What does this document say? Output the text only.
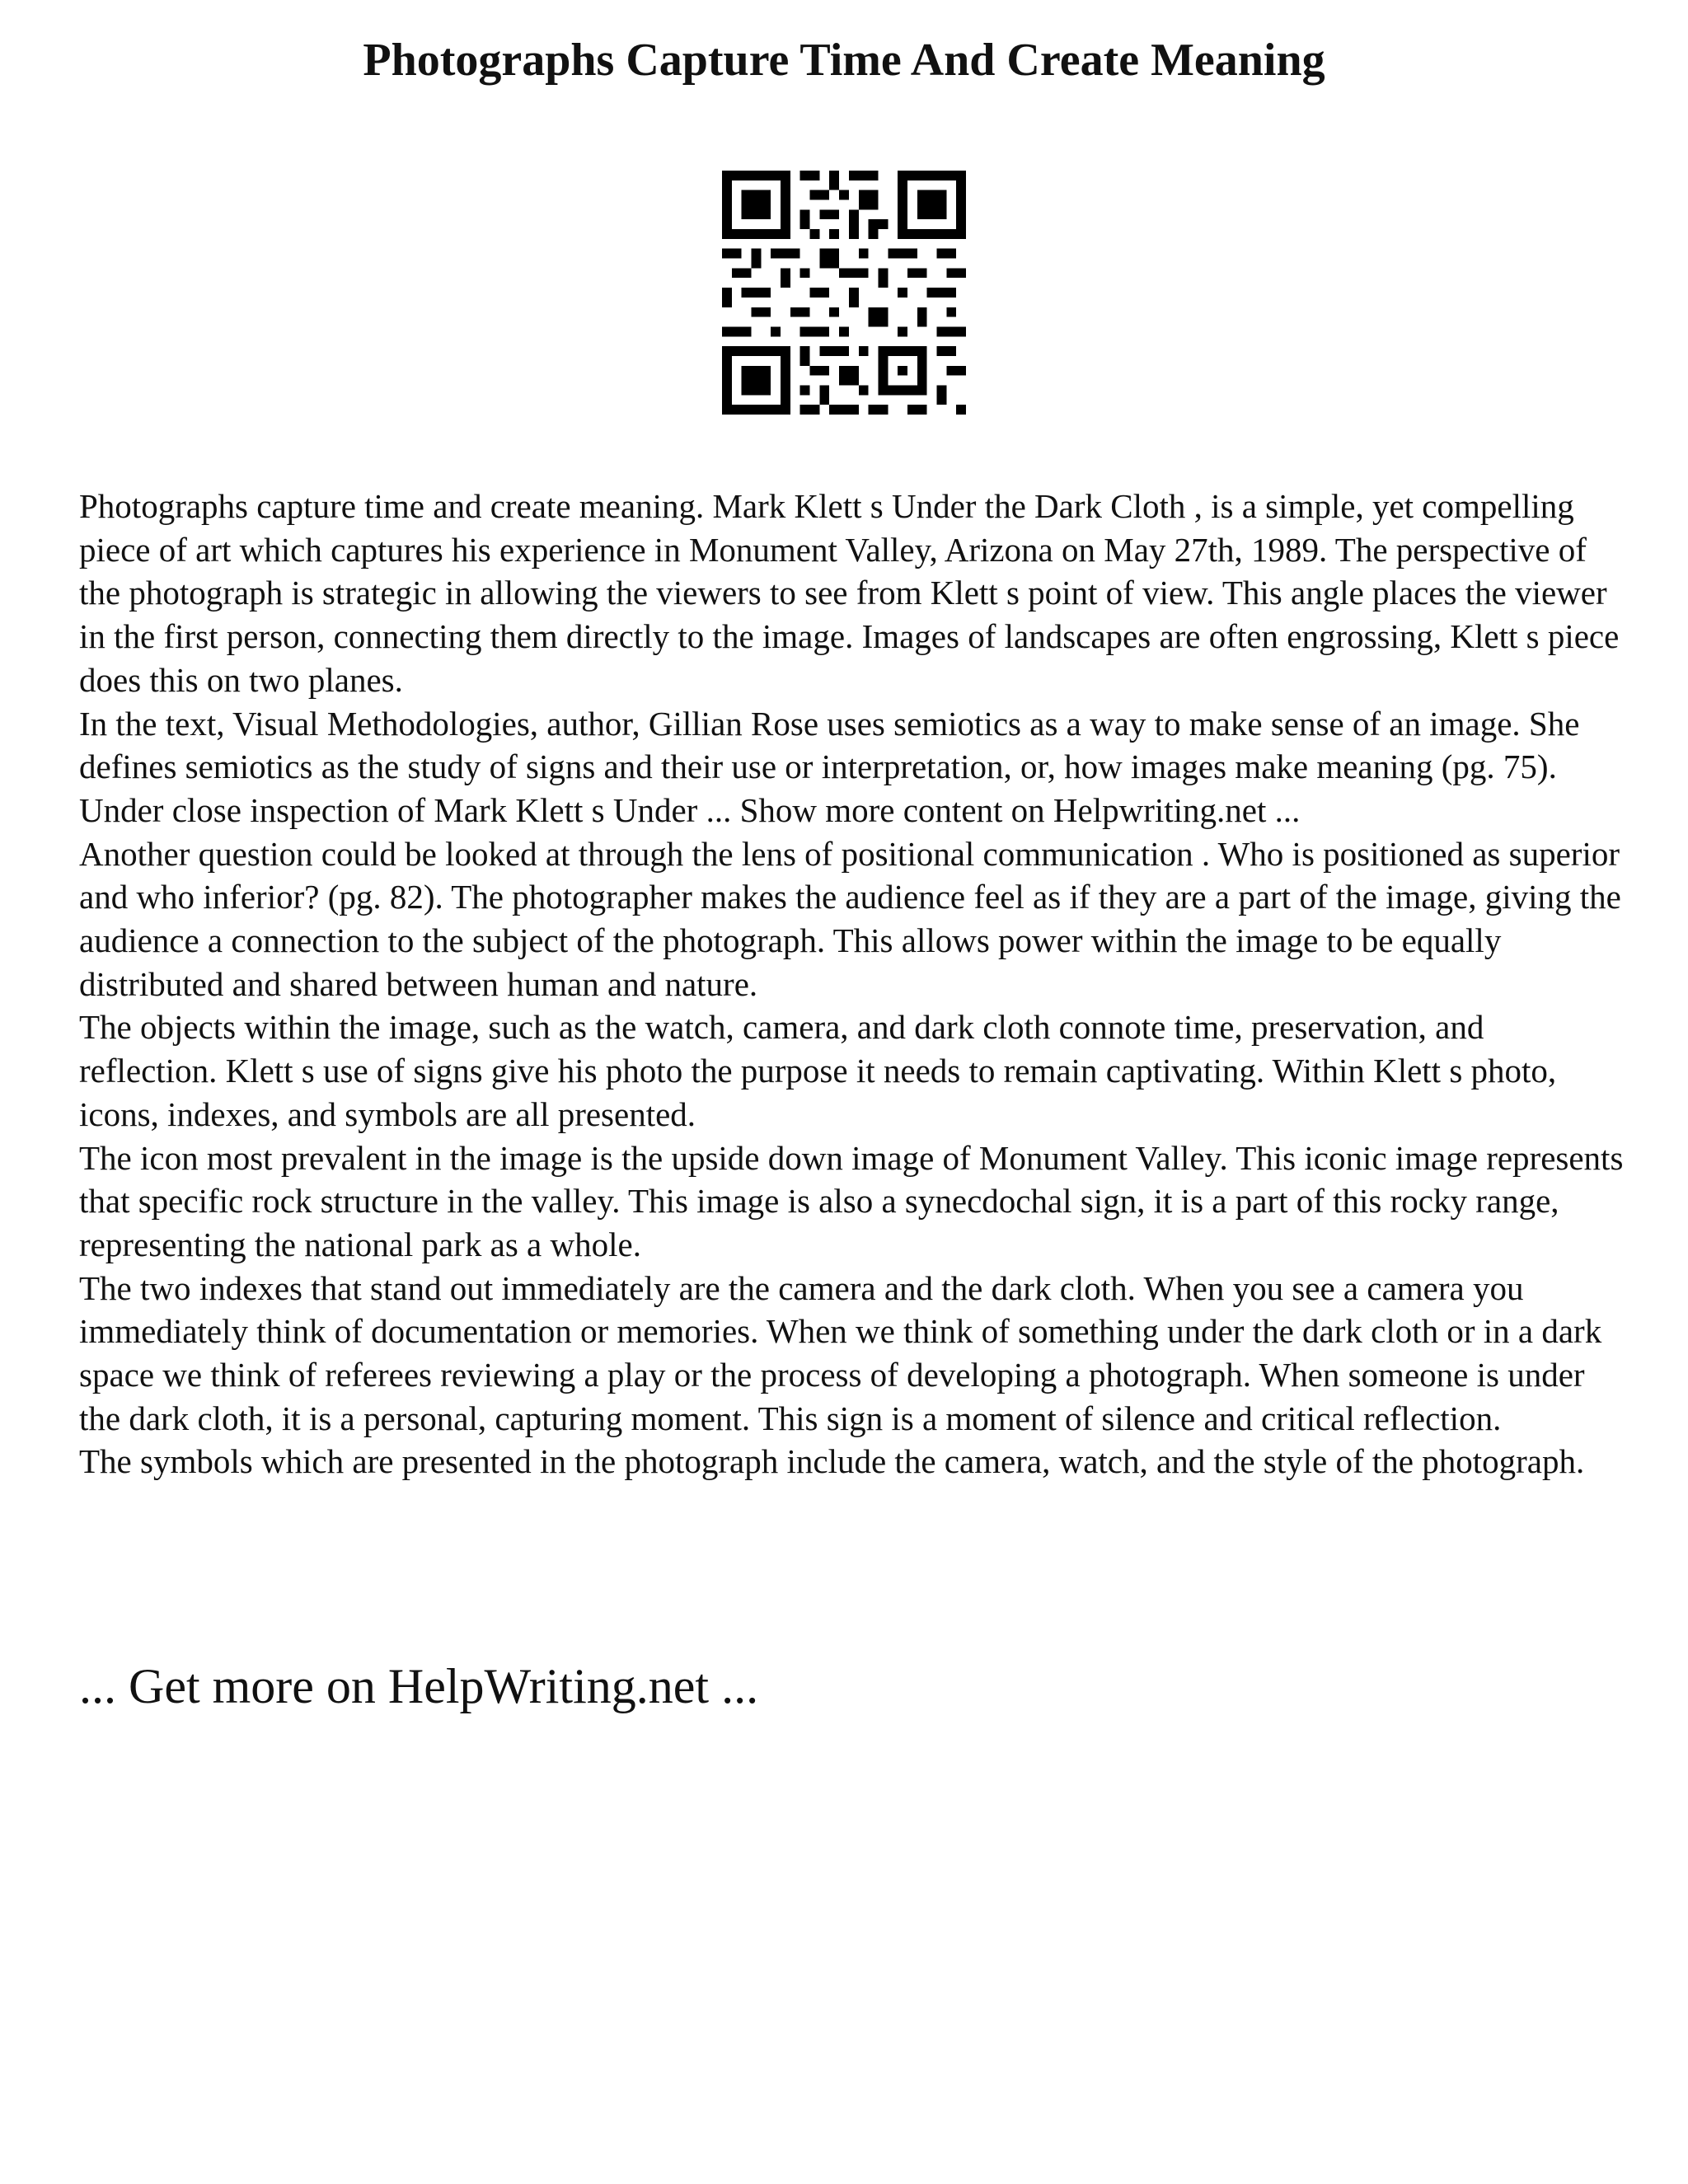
Photographs Capture Time And Create Meaning

Photographs capture time and create meaning. Mark Klett s Under the Dark Cloth , is a simple, yet compelling piece of art which captures his experience in Monument Valley, Arizona on May 27th, 1989. The perspective of the photograph is strategic in allowing the viewers to see from Klett s point of view. This angle places the viewer in the first person, connecting them directly to the image. Images of landscapes are often engrossing, Klett s piece does this on two planes.

In the text, Visual Methodologies, author, Gillian Rose uses semiotics as a way to make sense of an image. She defines semiotics as the study of signs and their use or interpretation, or, how images make meaning (pg. 75). Under close inspection of Mark Klett s Under ... Show more content on Helpwriting.net ...

Another question could be looked at through the lens of positional communication . Who is positioned as superior and who inferior? (pg. 82). The photographer makes the audience feel as if they are a part of the image, giving the audience a connection to the subject of the photograph. This allows power within the image to be equally distributed and shared between human and nature.

The objects within the image, such as the watch, camera, and dark cloth connote time, preservation, and reflection. Klett s use of signs give his photo the purpose it needs to remain captivating. Within Klett s photo, icons, indexes, and symbols are all presented.

The icon most prevalent in the image is the upside down image of Monument Valley. This iconic image represents that specific rock structure in the valley. This image is also a synecdochal sign, it is a part of this rocky range, representing the national park as a whole.

The two indexes that stand out immediately are the camera and the dark cloth. When you see a camera you immediately think of documentation or memories. When we think of something under the dark cloth or in a dark space we think of referees reviewing a play or the process of developing a photograph. When someone is under the dark cloth, it is a personal, capturing moment. This sign is a moment of silence and critical reflection.

The symbols which are presented in the photograph include the camera, watch, and the style of the photograph.

... Get more on HelpWriting.net ...
